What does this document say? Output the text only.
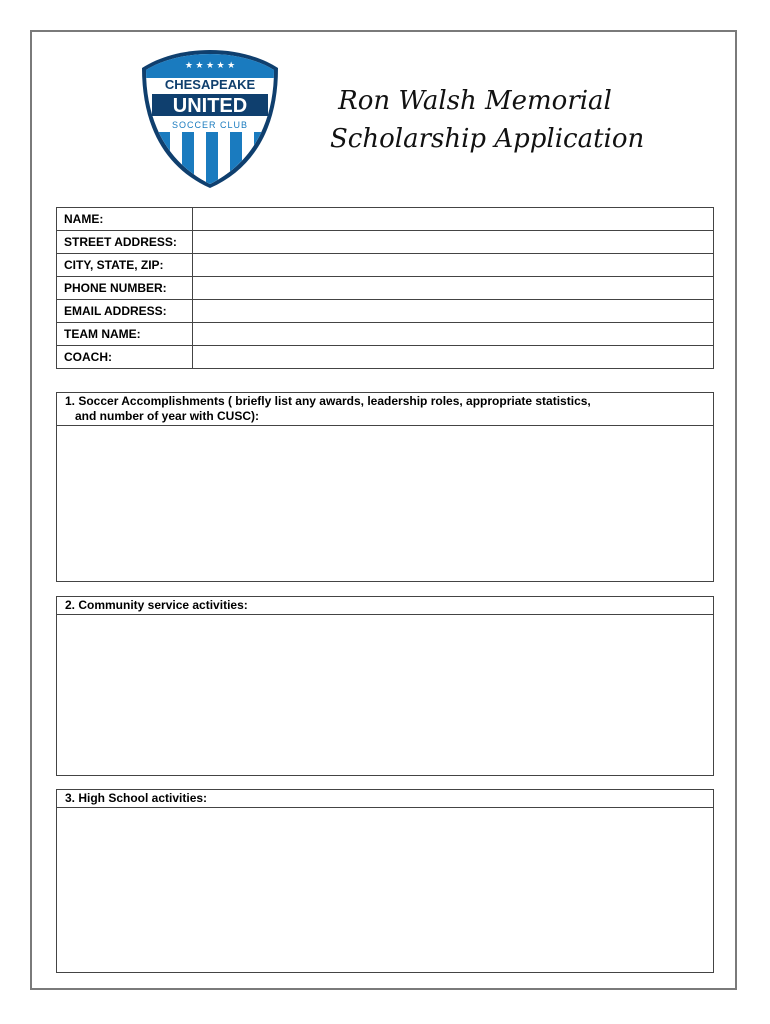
★ ★ ★ ★ ★
CHESAPEAKE
UNITED
SOCCER CLUB
Ron Walsh Memorial
Scholarship Application
NAME:	
STREET ADDRESS:	
CITY, STATE, ZIP:	
PHONE NUMBER:	
EMAIL ADDRESS:	
TEAM NAME:	
COACH:	
1. Soccer Accomplishments ( briefly list any awards, leadership roles, appropriate statistics,
and number of year with CUSC):
2. Community service activities:
3. High School activities:
